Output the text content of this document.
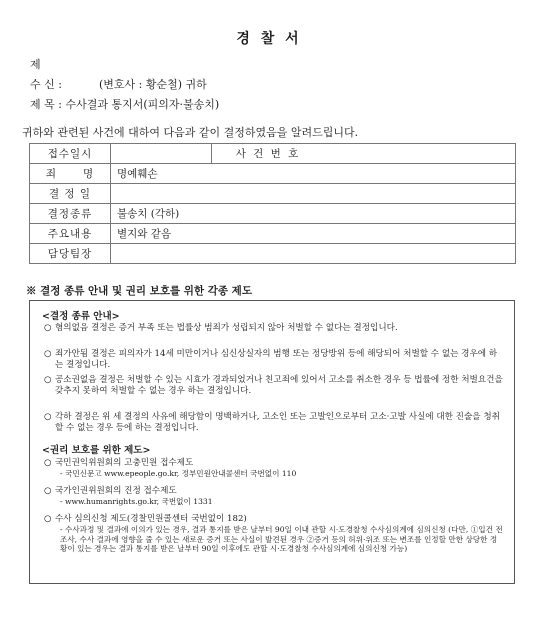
경 찰 서
제
수 신 :	(변호사 : 황순철) 귀하
제 목 : 수사결과 통지서(피의자·불송치)
귀하와 관련된 사건에 대하여 다음과 같이 결정하였음을 알려드립니다.
접수일시		사 건 번 호	
죄      명	명예훼손		
결 정 일			
결정종류	불송치 (각하)		
주요내용	별지와 같음		
담당팀장			
※ 결정 종류 안내 및 권리 보호를 위한 각종 제도
<결정 종류 안내>
○ 혐의없음 결정은 증거 부족 또는 법률상 범죄가 성립되지 않아 처벌할 수 없다는 결정입니다.
○ 죄가안됨 결정은 피의자가 14세 미만이거나 심신상실자의 범행 또는 정당방위 등에 해당되어 처벌할 수 없는 경우에 하는 결정입니다.
○ 공소권없음 결정은 처벌할 수 있는 시효가 경과되었거나 친고죄에 있어서 고소를 취소한 경우 등 법률에 정한 처벌요건을 갖추지 못하여 처벌할 수 없는 경우 하는 결정입니다.
○ 각하 결정은 위 세 결정의 사유에 해당함이 명백하거나, 고소인 또는 고발인으로부터 고소·고발 사실에 대한 진술을 청취할 수 없는 경우 등에 하는 결정입니다.
<권리 보호를 위한 제도>
○ 국민권익위원회의 고충민원 접수제도
- 국민신문고 www.epeople.go.kr, 정부민원안내콜센터 국번없이 110
○ 국가인권위원회의 진정 접수제도
- www.humanrights.go.kr, 국번없이 1331
○ 수사 심의신청 제도(경찰민원콜센터 국번없이 182)
- 수사과정 및 결과에 이의가 있는 경우, 결과 통지를 받은 날부터 90일 이내 관할 시·도경찰청 수사심의계에 심의신청 (다만, ①입건 전 조사, 수사 결과에 영향을 줄 수 있는 새로운 증거 또는 사실이 발견된 경우 ②증거 등의 허위·위조 또는 변조를 인정할 만한 상당한 정황이 있는 경우는 결과 통지를 받은 날부터 90일 이후에도 관할 시·도경찰청 수사심의계에 심의신청 가능)
